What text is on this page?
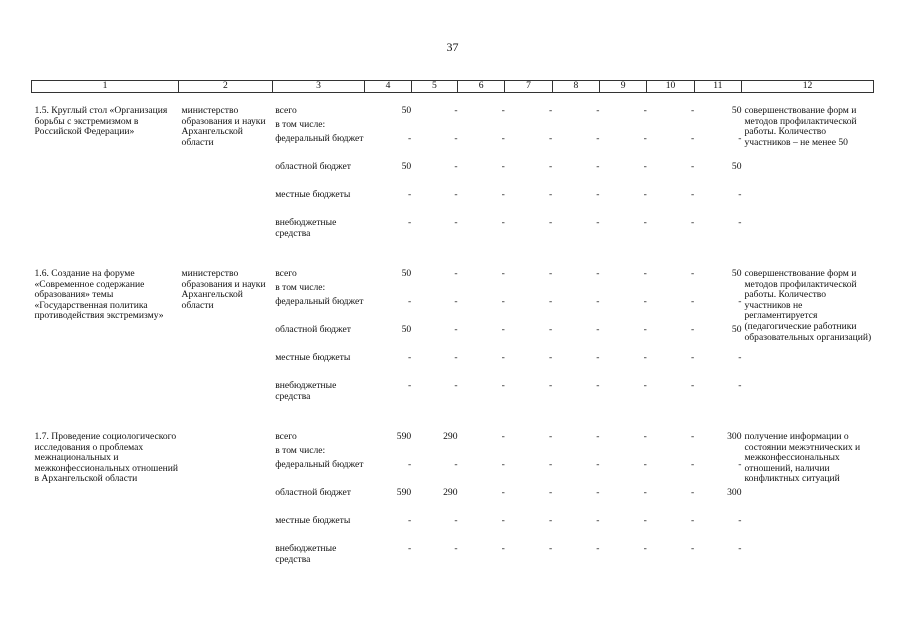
37
1	2	3	4	5	6	7	8	9	10	11	12

1.5. Круглый стол «Организация борьбы с экстремизмом в Российской Федерации»	министерство образования и науки Архангельской области	всего	50	-	-	-	-	-	-	50	совершенствование форм и методов профилактической работы. Количество участников – не менее 50
		в том числе:									
		федеральный бюджет	-	-	-	-	-	-	-	-	
		областной бюджет	50	-	-	-	-	-	-	50	
		местные бюджеты	-	-	-	-	-	-	-	-	
		внебюджетные средства	-	-	-	-	-	-	-	-	

1.6. Создание на форуме «Современное содержание образования» темы «Государственная политика противодействия экстремизму»	министерство образования и науки Архангельской области	всего	50	-	-	-	-	-	-	50	совершенствование форм и методов профилактической работы. Количество участников не регламентируется (педагогические работники образовательных организаций)
		в том числе:									
		федеральный бюджет	-	-	-	-	-	-	-	-	
		областной бюджет	50	-	-	-	-	-	-	50	
		местные бюджеты	-	-	-	-	-	-	-	-	
		внебюджетные средства	-	-	-	-	-	-	-	-	

1.7. Проведение социологического исследования о проблемах межнациональных и межконфессиональных отношений в Архангельской области		всего	590	290	-	-	-	-	-	300	получение информации о состоянии межэтнических и межконфессиональных отношений, наличии конфликтных ситуаций
		в том числе:									
		федеральный бюджет	-	-	-	-	-	-	-	-	
		областной бюджет	590	290	-	-	-	-	-	300	
		местные бюджеты	-	-	-	-	-	-	-	-	
		внебюджетные средства	-	-	-	-	-	-	-	-	
